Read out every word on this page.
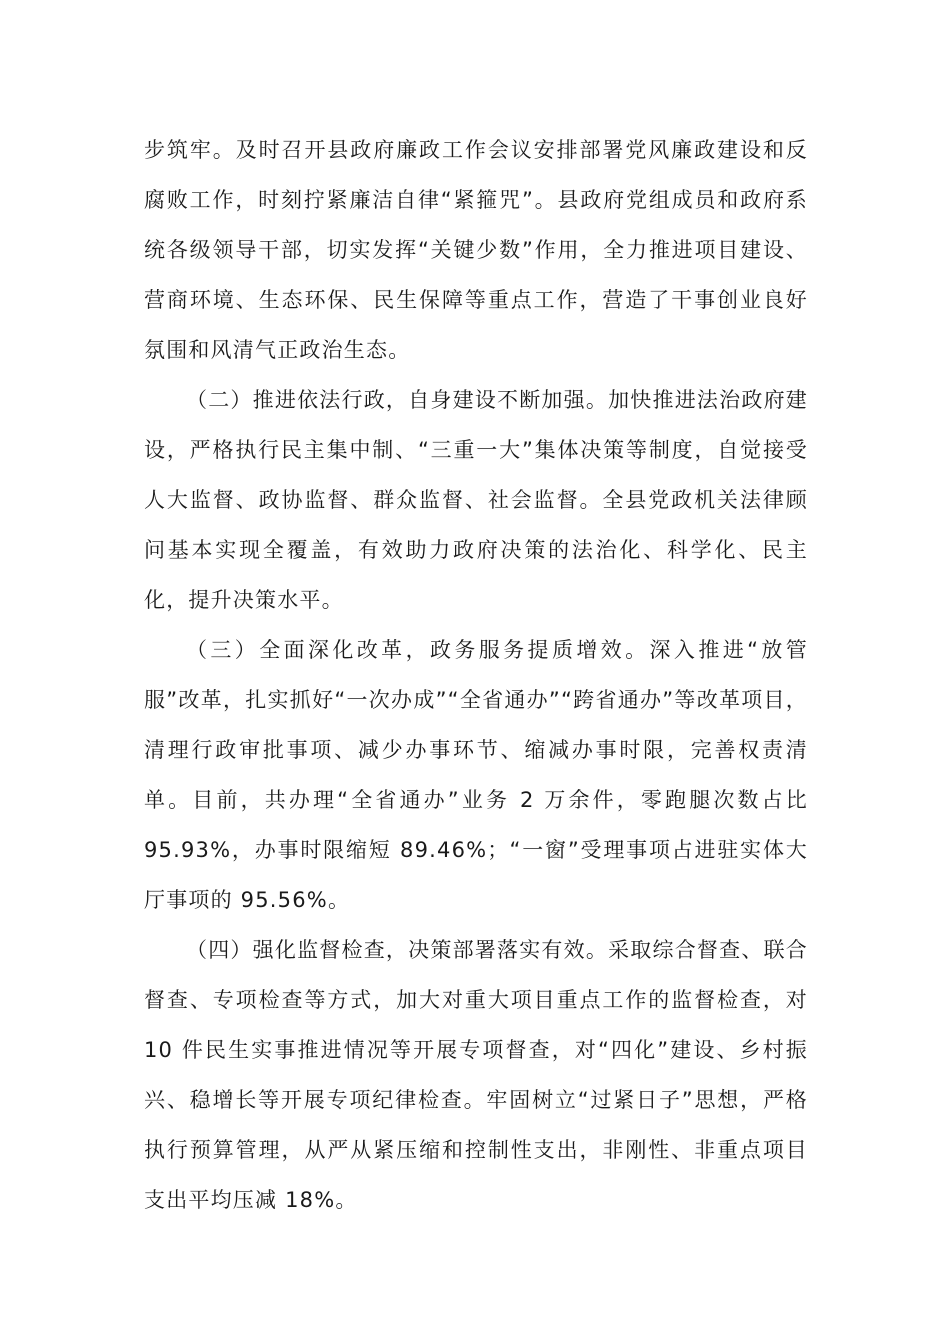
步筑牢。及时召开县政府廉政工作会议安排部署党风廉政建设和反腐败工作，时刻拧紧廉洁自律“紧箍咒”。县政府党组成员和政府系统各级领导干部，切实发挥“关键少数”作用，全力推进项目建设、营商环境、生态环保、民生保障等重点工作，营造了干事创业良好氛围和风清气正政治生态。

（二）推进依法行政，自身建设不断加强。加快推进法治政府建设，严格执行民主集中制、“三重一大”集体决策等制度，自觉接受人大监督、政协监督、群众监督、社会监督。全县党政机关法律顾问基本实现全覆盖，有效助力政府决策的法治化、科学化、民主化，提升决策水平。

（三）全面深化改革，政务服务提质增效。深入推进“放管服”改革，扎实抓好“一次办成”“全省通办”“跨省通办”等改革项目，清理行政审批事项、减少办事环节、缩减办事时限，完善权责清单。目前，共办理“全省通办”业务 2 万余件，零跑腿次数占比 95.93%，办事时限缩短 89.46%；“一窗”受理事项占进驻实体大厅事项的 95.56%。

（四）强化监督检查，决策部署落实有效。采取综合督查、联合督查、专项检查等方式，加大对重大项目重点工作的监督检查，对 10 件民生实事推进情况等开展专项督查，对“四化”建设、乡村振兴、稳增长等开展专项纪律检查。牢固树立“过紧日子”思想，严格执行预算管理，从严从紧压缩和控制性支出，非刚性、非重点项目支出平均压减 18%。
